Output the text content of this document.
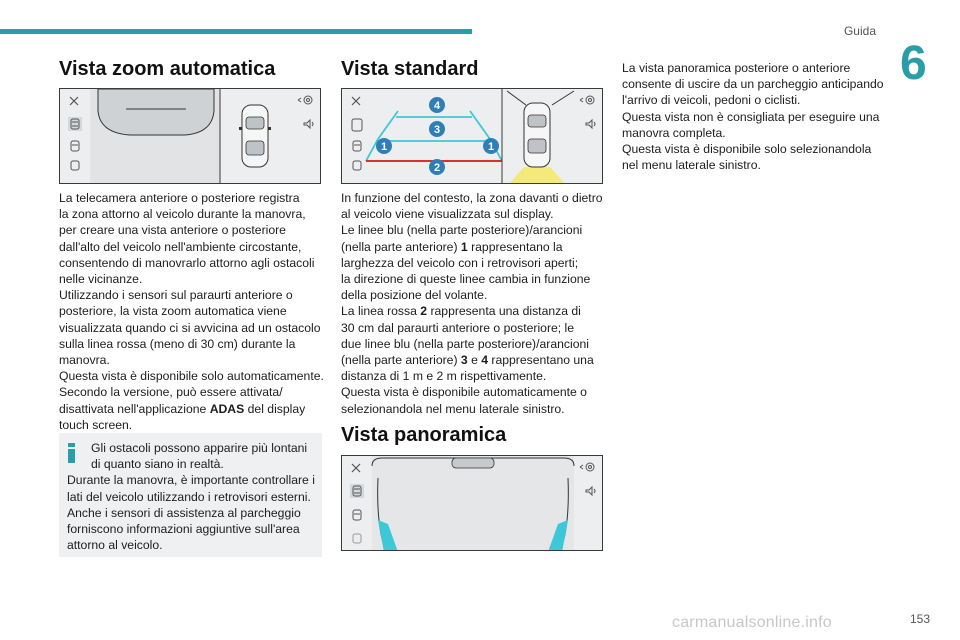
Guida
6
153
carmanualsonline.info
Vista zoom automatica

La telecamera anteriore o posteriore registra

la zona attorno al veicolo durante la manovra,

per creare una vista anteriore o posteriore

dall'alto del veicolo nell'ambiente circostante,

consentendo di manovrarlo attorno agli ostacoli

nelle vicinanze.

Utilizzando i sensori sul paraurti anteriore o

posteriore, la vista zoom automatica viene

visualizzata quando ci si avvicina ad un ostacolo

sulla linea rossa (meno di 30 cm) durante la

manovra.

Questa vista è disponibile solo automaticamente.

Secondo la versione, può essere attivata/

disattivata nell'applicazione ADAS del display

touch screen.

Gli ostacoli possono apparire più lontani

di quanto siano in realtà.

Durante la manovra, è importante controllare i

lati del veicolo utilizzando i retrovisori esterni.

Anche i sensori di assistenza al parcheggio

forniscono informazioni aggiuntive sull'area

attorno al veicolo.

Vista standard
4
3
1	1
2

In funzione del contesto, la zona davanti o dietro

al veicolo viene visualizzata sul display.

Le linee blu (nella parte posteriore)/arancioni

(nella parte anteriore) 1 rappresentano la

larghezza del veicolo con i retrovisori aperti;

la direzione di queste linee cambia in funzione

della posizione del volante.

La linea rossa 2 rappresenta una distanza di

30 cm dal paraurti anteriore o posteriore; le

due linee blu (nella parte posteriore)/arancioni

(nella parte anteriore) 3 e 4 rappresentano una

distanza di 1 m e 2 m rispettivamente.

Questa vista è disponibile automaticamente o

selezionandola nel menu laterale sinistro.

Vista panoramica

La vista panoramica posteriore o anteriore

consente di uscire da un parcheggio anticipando

l'arrivo di veicoli, pedoni o ciclisti.

Questa vista non è consigliata per eseguire una

manovra completa.

Questa vista è disponibile solo selezionandola

nel menu laterale sinistro.
